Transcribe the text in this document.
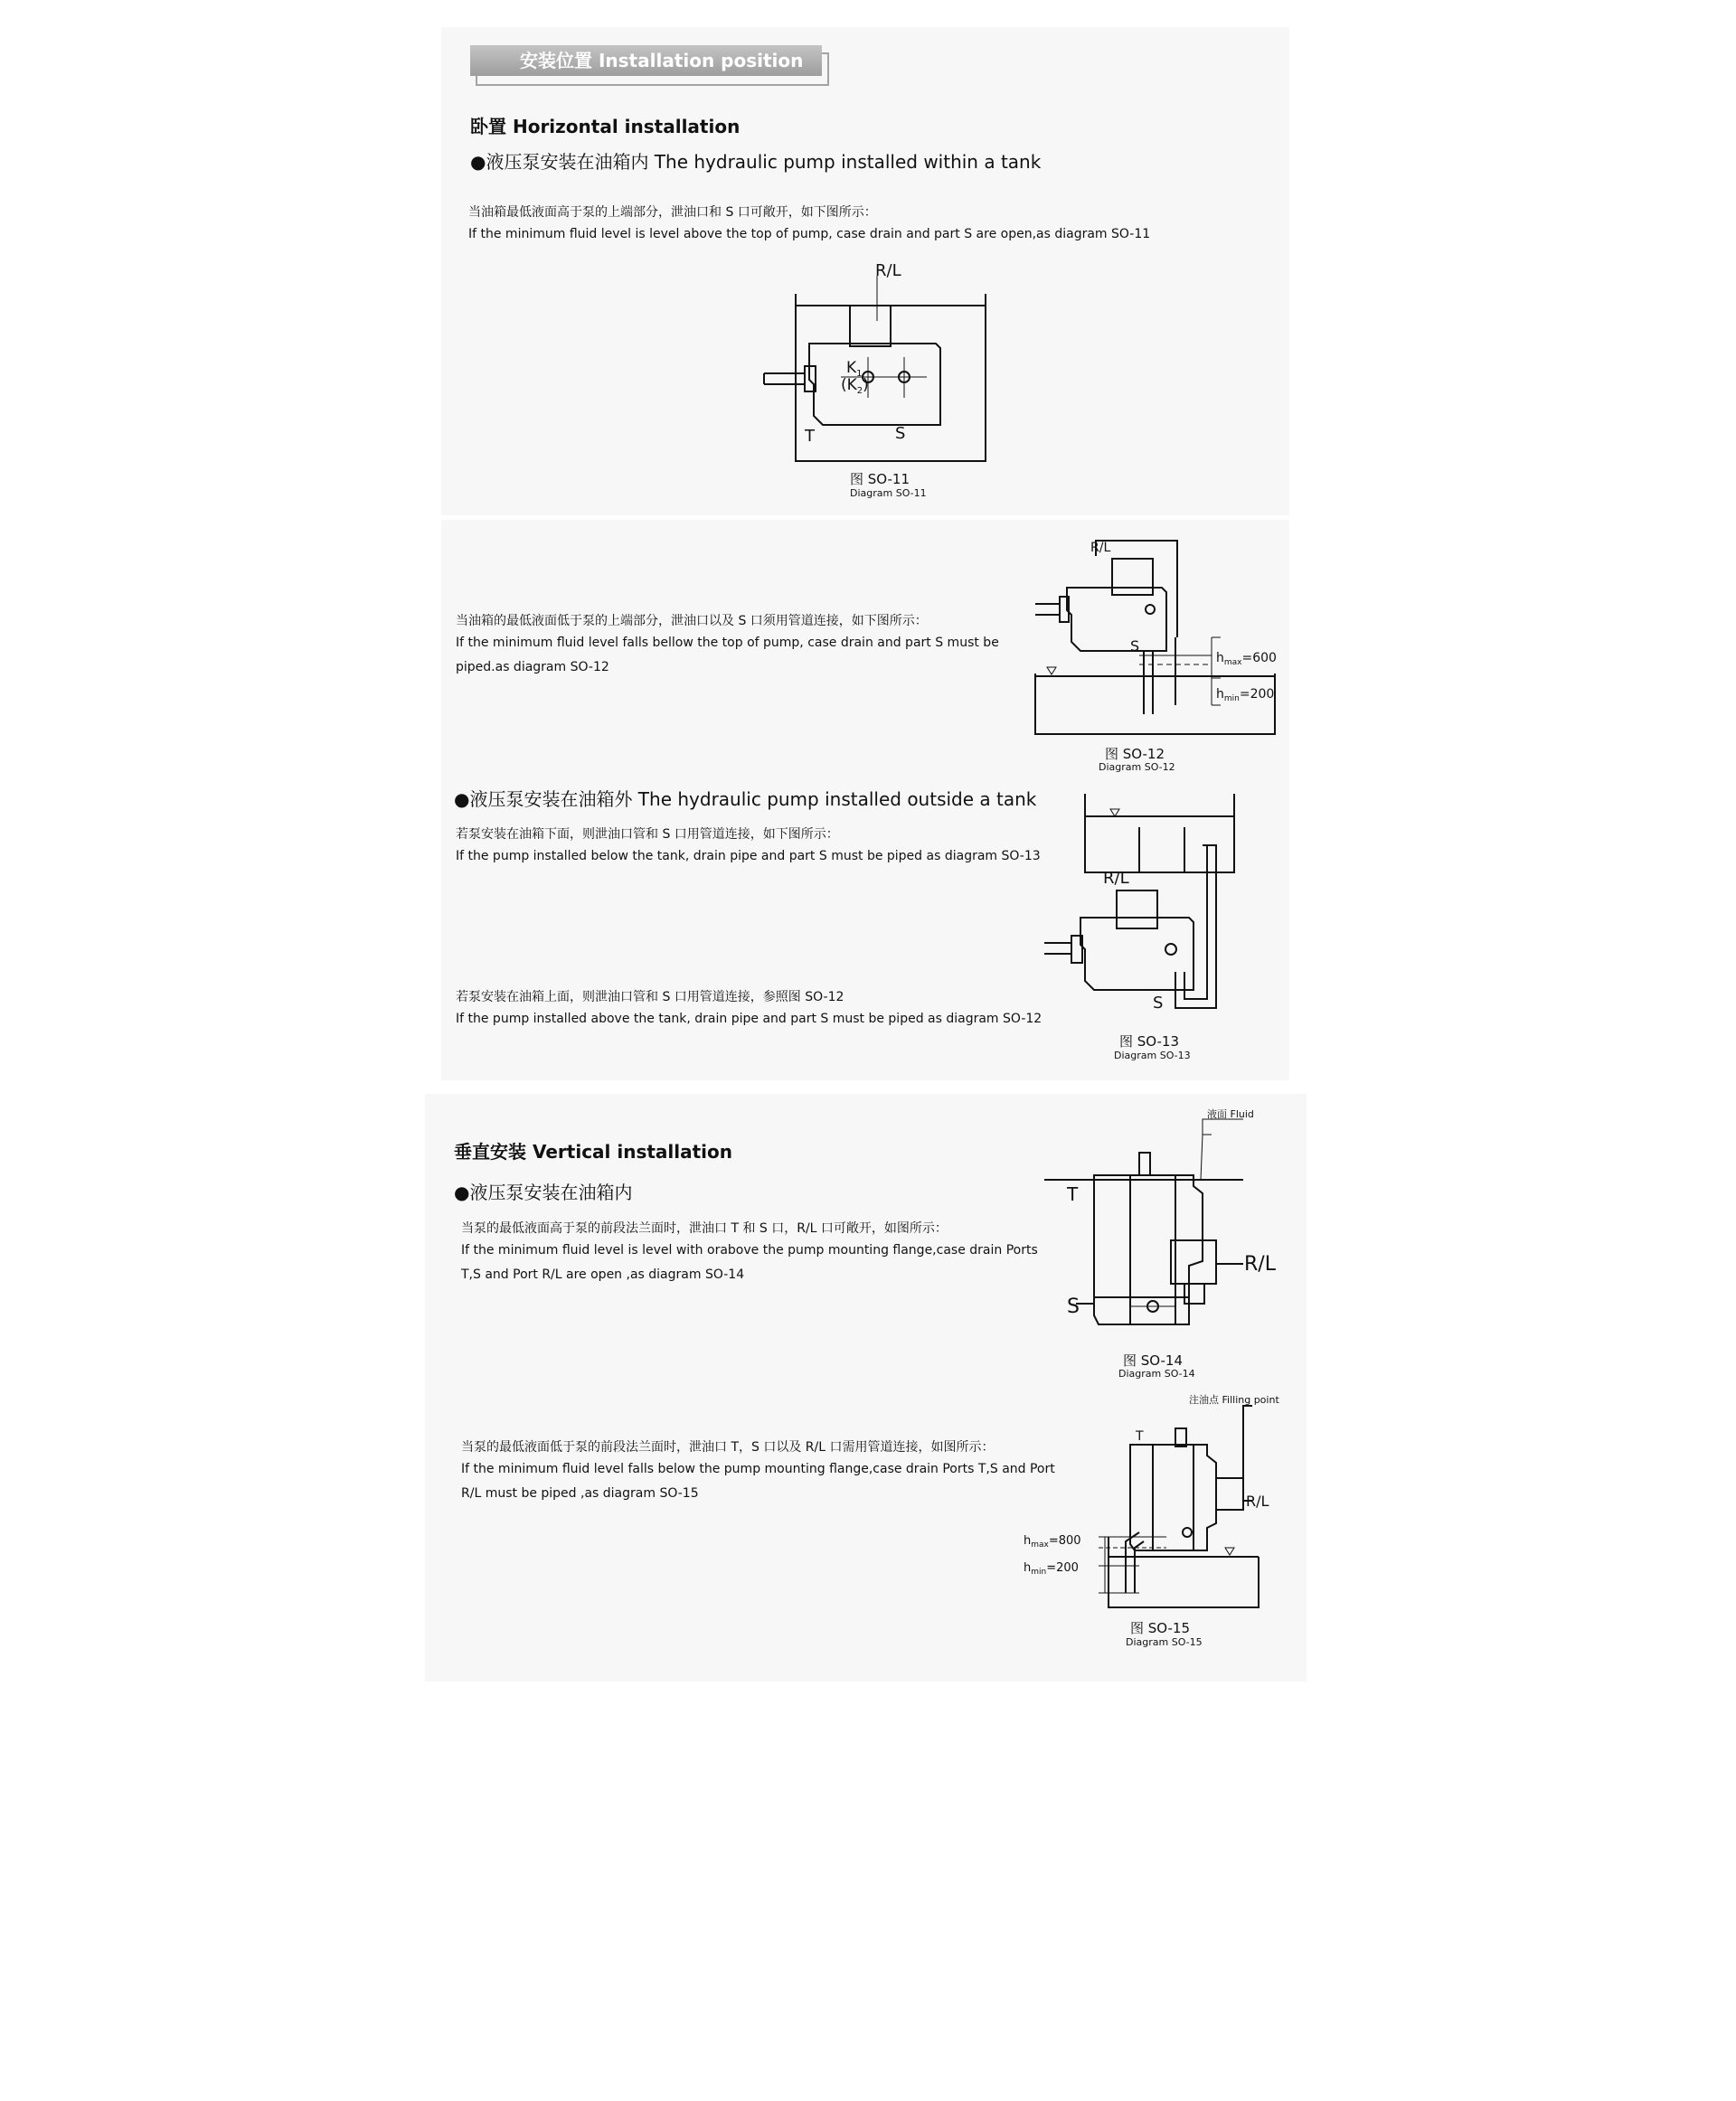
安装位置 Installation position
卧置 Horizontal installation
●液压泵安装在油箱内 The hydraulic pump installed within a tank
当油箱最低液面高于泵的上端部分，泄油口和 S 口可敞开，如下图所示：
If the minimum fluid level is level above the top of pump, case drain and part S are open,as diagram SO-11
R/L
$K_1$
$(K_2)$
T	S
图 SO-11
Diagram SO-11
当油箱的最低液面低于泵的上端部分，泄油口以及 S 口须用管道连接，如下图所示：
If the minimum fluid level falls bellow the top of pump, case drain and part S must be
piped.as diagram SO-12
R/L
S
$h_{max}=600$
$h_{min}=200$
图 SO-12
Diagram SO-12
●液压泵安装在油箱外 The hydraulic pump installed outside a tank
若泵安装在油箱下面，则泄油口管和 S 口用管道连接，如下图所示：
If the pump installed below the tank, drain pipe and part S must be piped as diagram SO-13
若泵安装在油箱上面，则泄油口管和 S 口用管道连接，参照图 SO-12
If the pump installed above the tank, drain pipe and part S must be piped as diagram SO-12
R/L
S
图 SO-13
Diagram SO-13
垂直安装 Vertical installation
●液压泵安装在油箱内
当泵的最低液面高于泵的前段法兰面时，泄油口 T 和 S 口，R/L 口可敞开，如图所示：
If the minimum fluid level is level with orabove the pump mounting flange,case drain Ports
T,S and Port R/L are open ,as diagram SO-14
液面 Fluid
T
R/L
S
图 SO-14
Diagram SO-14
当泵的最低液面低于泵的前段法兰面时，泄油口 T，S 口以及 R/L 口需用管道连接，如图所示：
If the minimum fluid level falls below the pump mounting flange,case drain Ports T,S and Port
R/L must be piped ,as diagram SO-15
注油点 Filling point
T
R/L
$h_{max}=800$
$h_{min}=200$
图 SO-15
Diagram SO-15
